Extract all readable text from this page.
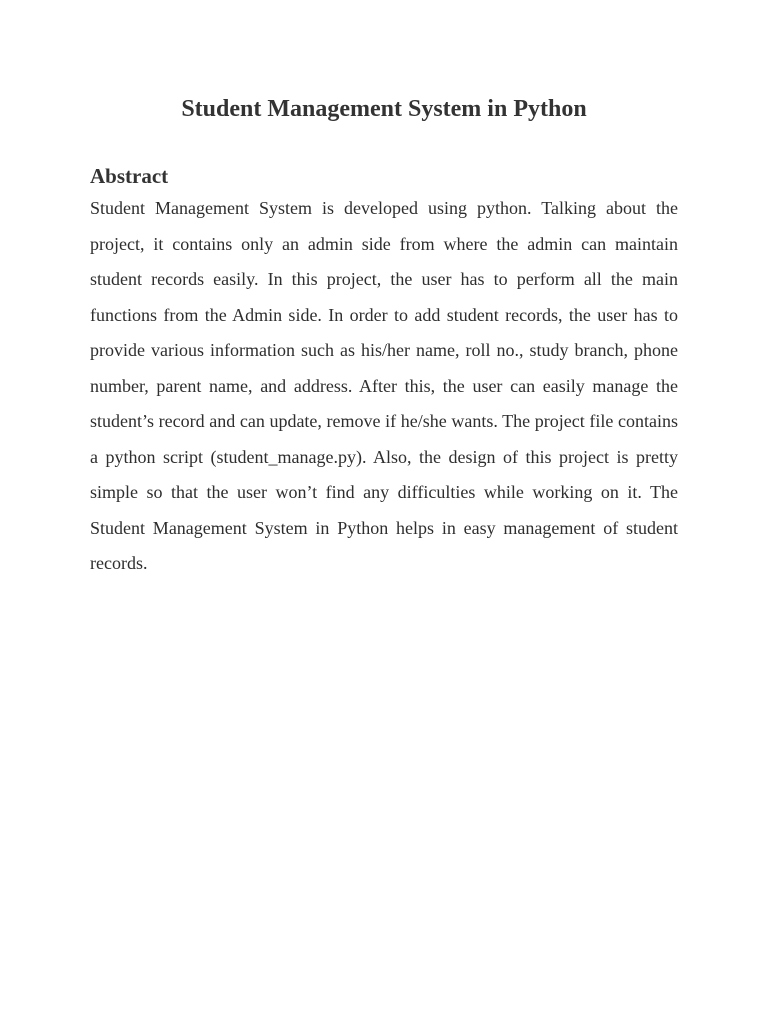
Student Management System in Python
Abstract

Student Management System is developed using python. Talking about the project, it contains only an admin side from where the admin can maintain student records easily. In this project, the user has to perform all the main functions from the Admin side. In order to add student records, the user has to provide various information such as his/her name, roll no., study branch, phone number, parent name, and address. After this, the user can easily manage the student’s record and can update, remove if he/she wants. The project file contains a python script (student_manage.py). Also, the design of this project is pretty simple so that the user won’t find any difficulties while working on it. The Student Management System in Python helps in easy management of student records.
